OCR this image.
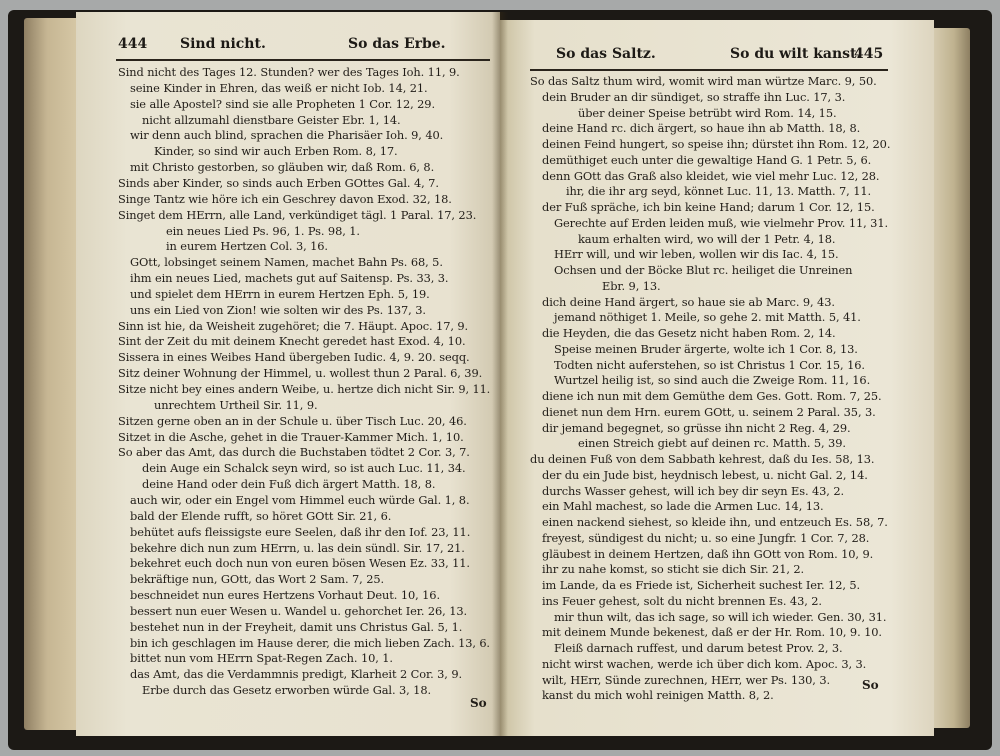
444 Sind nicht.	So das Erbe.
Sind nicht des Tages 12. Stunden? wer des Tages Ioh. 11, 9.
seine Kinder in Ehren, das weiß er nicht Iob. 14, 21.
sie alle Apostel? sind sie alle Propheten 1 Cor. 12, 29.
nicht allzumahl dienstbare Geister Ebr. 1, 14.
wir denn auch blind, sprachen die Pharisäer Ioh. 9, 40.
Kinder, so sind wir auch Erben Rom. 8, 17.
mit Christo gestorben, so gläuben wir, daß Rom. 6, 8.
Sinds aber Kinder, so sinds auch Erben GOttes Gal. 4, 7.
Singe Tantz wie höre ich ein Geschrey davon Exod. 32, 18.
Singet dem HErrn, alle Land, verkündiget tägl. 1 Paral. 17, 23.
ein neues Lied Ps. 96, 1. Ps. 98, 1.
in eurem Hertzen Col. 3, 16.
GOtt, lobsinget seinem Namen, machet Bahn Ps. 68, 5.
ihm ein neues Lied, machets gut auf Saitensp. Ps. 33, 3.
und spielet dem HErrn in eurem Hertzen Eph. 5, 19.
uns ein Lied von Zion! wie solten wir des Ps. 137, 3.
Sinn ist hie, da Weisheit zugehöret; die 7. Häupt. Apoc. 17, 9.
Sint der Zeit du mit deinem Knecht geredet hast Exod. 4, 10.
Sissera in eines Weibes Hand übergeben Iudic. 4, 9. 20. seqq.
Sitz deiner Wohnung der Himmel, u. wollest thun 2 Paral. 6, 39.
Sitze nicht bey eines andern Weibe, u. hertze dich nicht Sir. 9, 11.
unrechtem Urtheil Sir. 11, 9.
Sitzen gerne oben an in der Schule u. über Tisch Luc. 20, 46.
Sitzet in die Asche, gehet in die Trauer-Kammer Mich. 1, 10.
So aber das Amt, das durch die Buchstaben tödtet 2 Cor. 3, 7.
dein Auge ein Schalck seyn wird, so ist auch Luc. 11, 34.
deine Hand oder dein Fuß dich ärgert Matth. 18, 8.
auch wir, oder ein Engel vom Himmel euch würde Gal. 1, 8.
bald der Elende rufft, so höret GOtt Sir. 21, 6.
behütet aufs fleissigste eure Seelen, daß ihr den Iof. 23, 11.
bekehre dich nun zum HErrn, u. las dein sündl. Sir. 17, 21.
bekehret euch doch nun von euren bösen Wesen Ez. 33, 11.
bekräftige nun, GOtt, das Wort 2 Sam. 7, 25.
beschneidet nun eures Hertzens Vorhaut Deut. 10, 16.
bessert nun euer Wesen u. Wandel u. gehorchet Ier. 26, 13.
bestehet nun in der Freyheit, damit uns Christus Gal. 5, 1.
bin ich geschlagen im Hause derer, die mich lieben Zach. 13, 6.
bittet nun vom HErrn Spat-Regen Zach. 10, 1.
das Amt, das die Verdammnis predigt, Klarheit 2 Cor. 3, 9.
Erbe durch das Gesetz erworben würde Gal. 3, 18.
So
So das Saltz.	So du wilt kanst.
445
So das Saltz thum wird, womit wird man würtze Marc. 9, 50.
dein Bruder an dir sündiget, so straffe ihn Luc. 17, 3.
über deiner Speise betrübt wird Rom. 14, 15.
deine Hand rc. dich ärgert, so haue ihn ab Matth. 18, 8.
deinen Feind hungert, so speise ihn; dürstet ihn Rom. 12, 20.
demüthiget euch unter die gewaltige Hand G. 1 Petr. 5, 6.
denn GOtt das Graß also kleidet, wie viel mehr Luc. 12, 28.
ihr, die ihr arg seyd, könnet Luc. 11, 13. Matth. 7, 11.
der Fuß spräche, ich bin keine Hand; darum 1 Cor. 12, 15.
Gerechte auf Erden leiden muß, wie vielmehr Prov. 11, 31.
kaum erhalten wird, wo will der 1 Petr. 4, 18.
HErr will, und wir leben, wollen wir dis Iac. 4, 15.
Ochsen und der Böcke Blut rc. heiliget die Unreinen
Ebr. 9, 13.
dich deine Hand ärgert, so haue sie ab Marc. 9, 43.
jemand nöthiget 1. Meile, so gehe 2. mit Matth. 5, 41.
die Heyden, die das Gesetz nicht haben Rom. 2, 14.
Speise meinen Bruder ärgerte, wolte ich 1 Cor. 8, 13.
Todten nicht auferstehen, so ist Christus 1 Cor. 15, 16.
Wurtzel heilig ist, so sind auch die Zweige Rom. 11, 16.
diene ich nun mit dem Gemüthe dem Ges. Gott. Rom. 7, 25.
dienet nun dem Hrn. eurem GOtt, u. seinem 2 Paral. 35, 3.
dir jemand begegnet, so grüsse ihn nicht 2 Reg. 4, 29.
einen Streich giebt auf deinen rc. Matth. 5, 39.
du deinen Fuß von dem Sabbath kehrest, daß du Ies. 58, 13.
der du ein Jude bist, heydnisch lebest, u. nicht Gal. 2, 14.
durchs Wasser gehest, will ich bey dir seyn Es. 43, 2.
ein Mahl machest, so lade die Armen Luc. 14, 13.
einen nackend siehest, so kleide ihn, und entzeuch Es. 58, 7.
freyest, sündigest du nicht; u. so eine Jungfr. 1 Cor. 7, 28.
gläubest in deinem Hertzen, daß ihn GOtt von Rom. 10, 9.
ihr zu nahe komst, so sticht sie dich Sir. 21, 2.
im Lande, da es Friede ist, Sicherheit suchest Ier. 12, 5.
ins Feuer gehest, solt du nicht brennen Es. 43, 2.
mir thun wilt, das ich sage, so will ich wieder. Gen. 30, 31.
mit deinem Munde bekenest, daß er der Hr. Rom. 10, 9. 10.
Fleiß darnach ruffest, und darum betest Prov. 2, 3.
nicht wirst wachen, werde ich über dich kom. Apoc. 3, 3.
wilt, HErr, Sünde zurechnen, HErr, wer Ps. 130, 3.
kanst du mich wohl reinigen Matth. 8, 2.
So
